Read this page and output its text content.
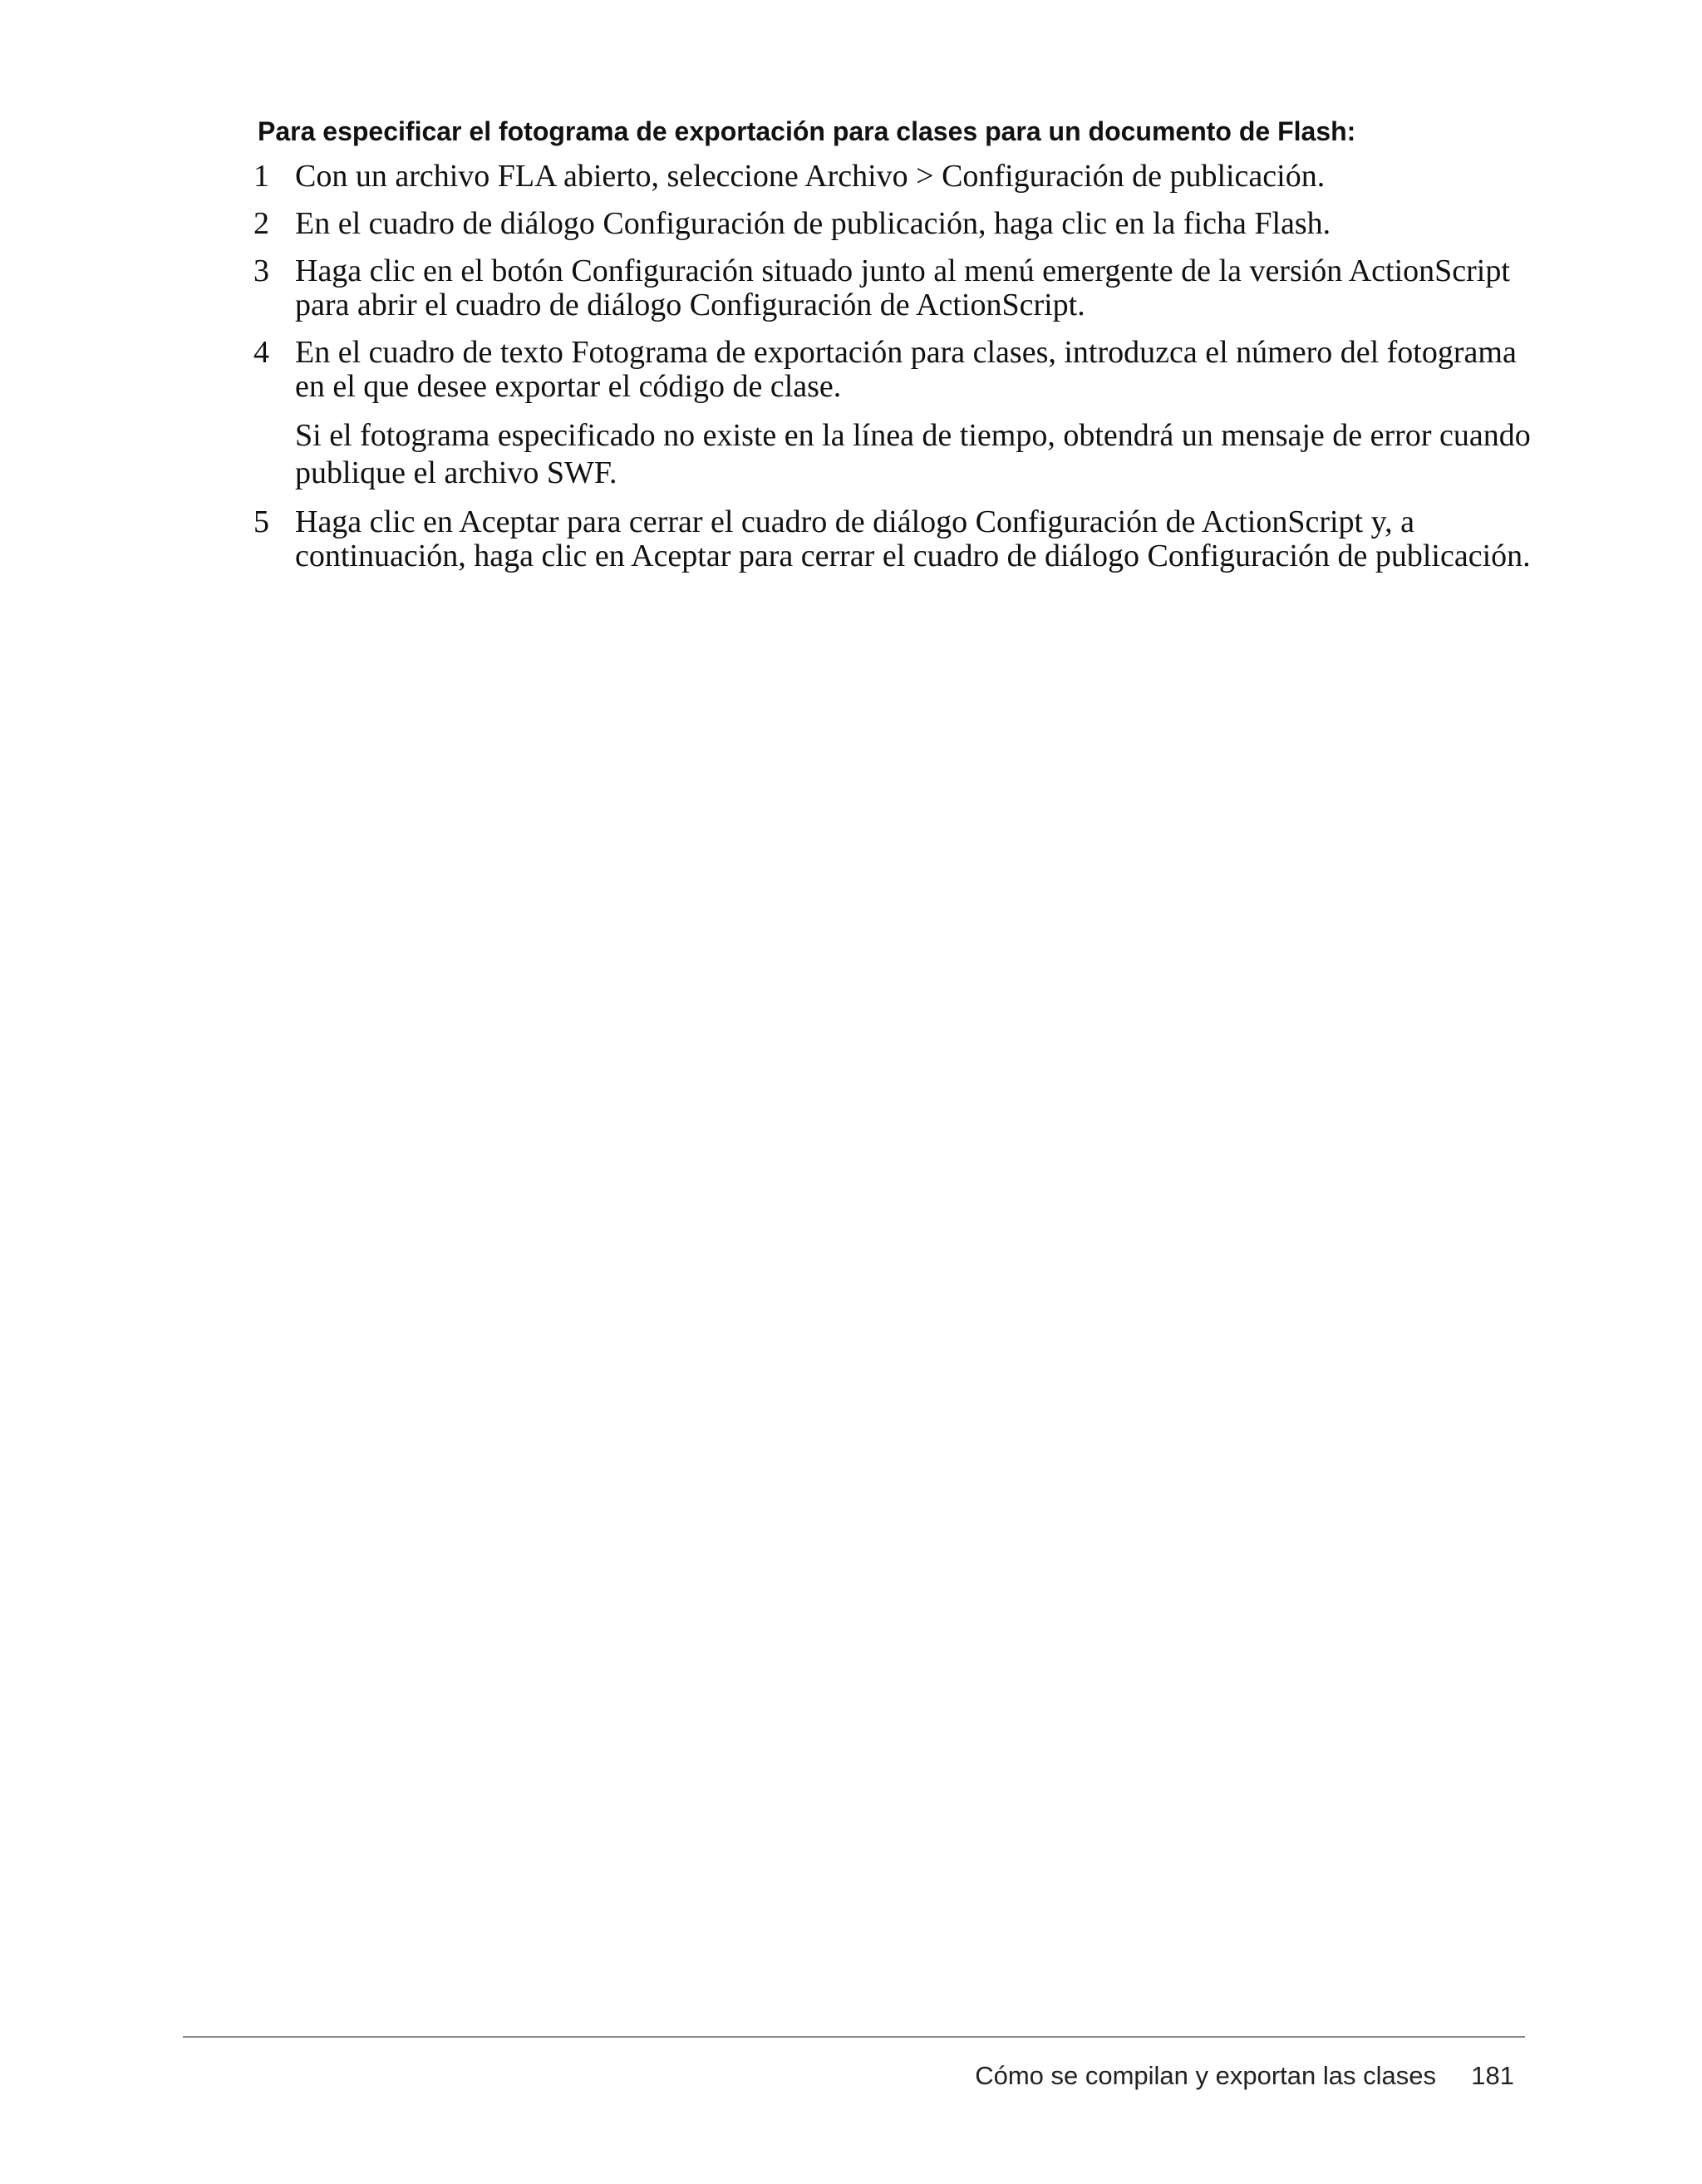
Para especificar el fotograma de exportación para clases para un documento de Flash:
1 Con un archivo FLA abierto, seleccione Archivo > Configuración de publicación.
2 En el cuadro de diálogo Configuración de publicación, haga clic en la ficha Flash.
3 Haga clic en el botón Configuración situado junto al menú emergente de la versión ActionScript para abrir el cuadro de diálogo Configuración de ActionScript.
4 En el cuadro de texto Fotograma de exportación para clases, introduzca el número del fotograma en el que desee exportar el código de clase.
Si el fotograma especificado no existe en la línea de tiempo, obtendrá un mensaje de error cuando publique el archivo SWF.
5 Haga clic en Aceptar para cerrar el cuadro de diálogo Configuración de ActionScript y, a continuación, haga clic en Aceptar para cerrar el cuadro de diálogo Configuración de publicación.
Cómo se compilan y exportan las clases 181
